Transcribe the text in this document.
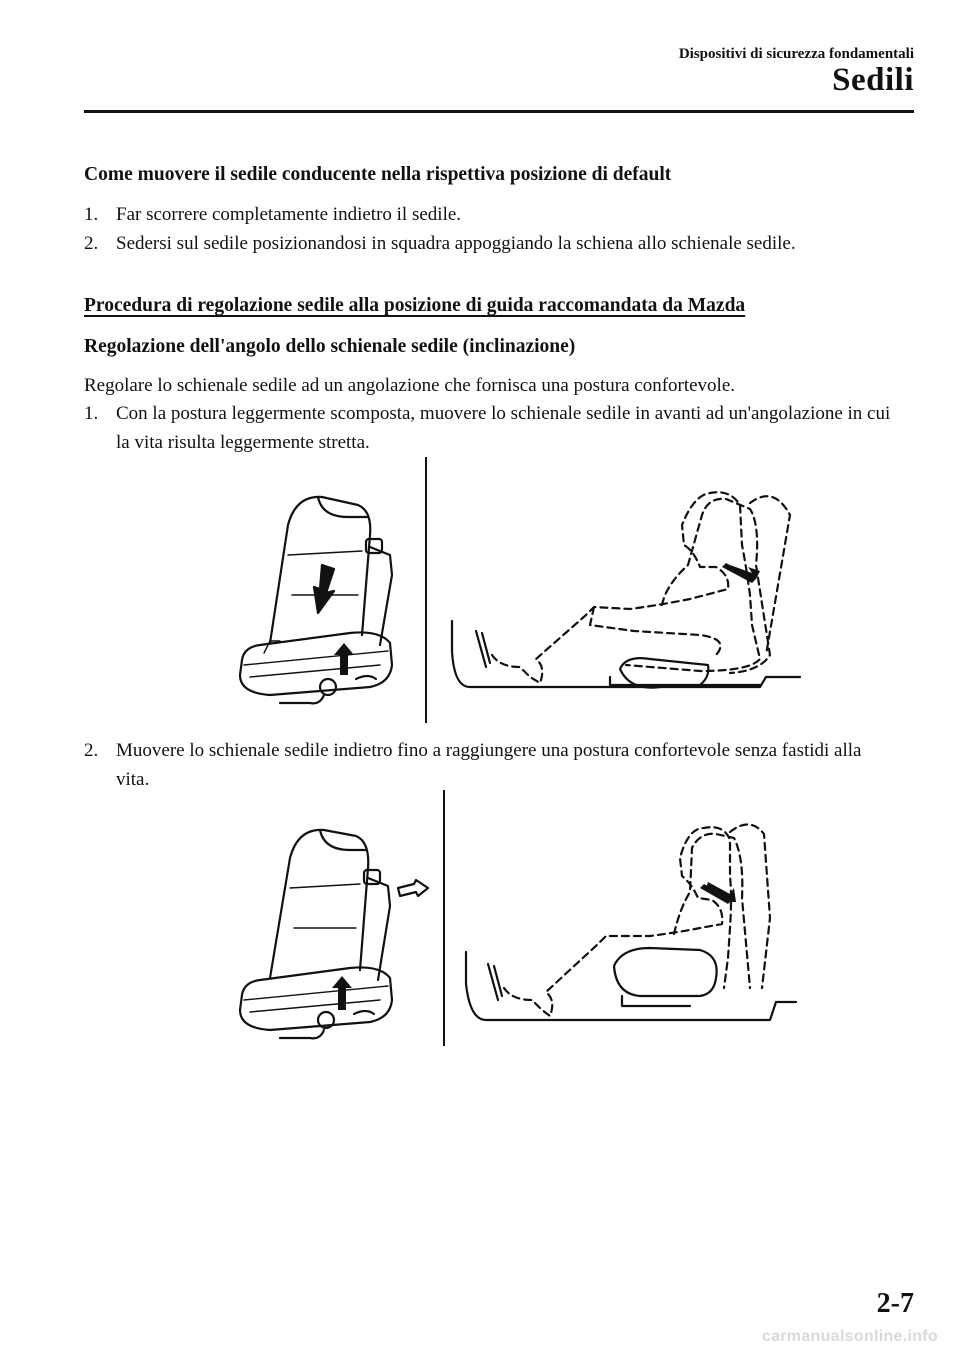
Dispositivi di sicurezza fondamentali
Sedili
Come muovere il sedile conducente nella rispettiva posizione di default
1. Far scorrere completamente indietro il sedile.
2. Sedersi sul sedile posizionandosi in squadra appoggiando la schiena allo schienale sedile.
Procedura di regolazione sedile alla posizione di guida raccomandata da Mazda
Regolazione dell'angolo dello schienale sedile (inclinazione)
Regolare lo schienale sedile ad un angolazione che fornisca una postura confortevole.
1. Con la postura leggermente scomposta, muovere lo schienale sedile in avanti ad un'angolazione in cui la vita risulta leggermente stretta.
2. Muovere lo schienale sedile indietro fino a raggiungere una postura confortevole senza fastidi alla vita.
2-7
carmanualsonline.info
